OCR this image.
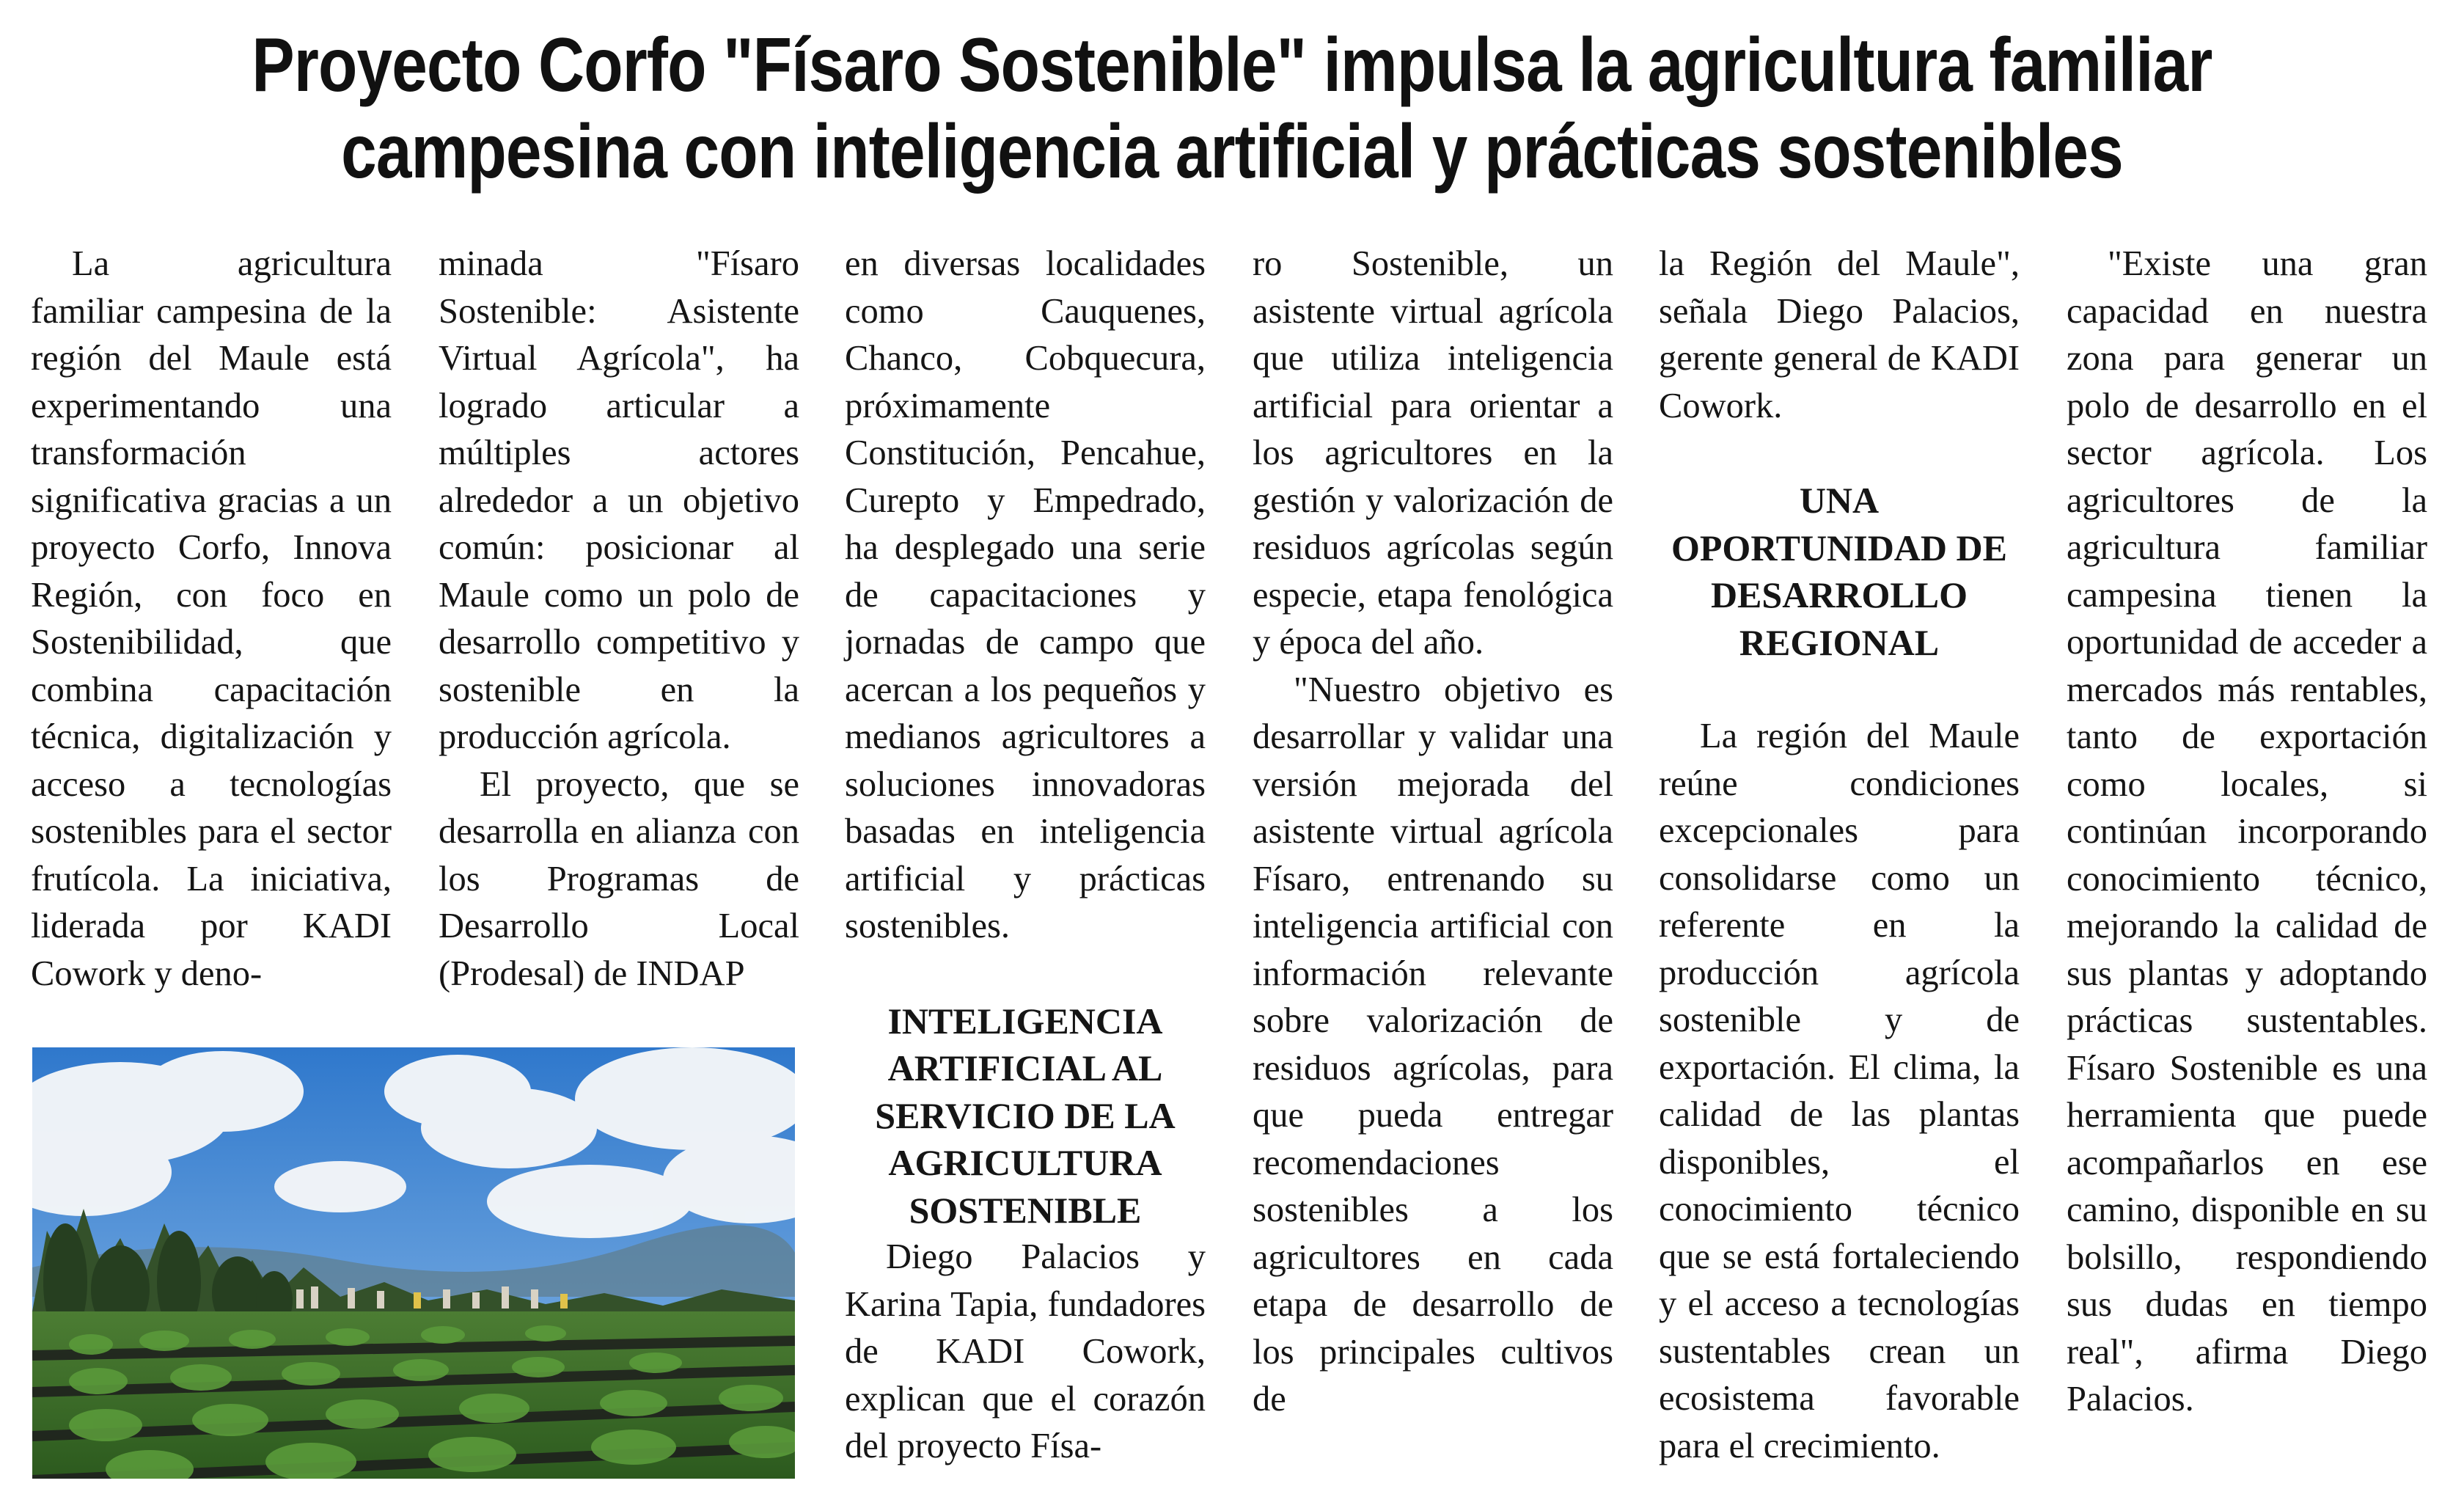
Proyecto Corfo "Físaro Sostenible" impulsa la agricultura familiar
campesina con inteligencia artificial y prácticas sostenibles

La agricultura familiar campesina de la región del Maule está experimentando una transformación significativa gracias a un proyecto Corfo, Innova Región, con foco en Sostenibilidad, que combina capacitación técnica, digitalización y acceso a tecnologías sostenibles para el sector frutícola. La iniciativa, liderada por KADI Cowork y deno-

minada "Físaro Sostenible: Asistente Virtual Agrícola", ha logrado articular a múltiples actores alrededor a un objetivo común: posicionar al Maule como un polo de desarrollo competitivo y sostenible en la producción agrícola.

El proyecto, que se desarrolla en alianza con los Programas de Desarrollo Local (Prodesal) de INDAP

en diversas localidades como Cauquenes, Chanco, Cobquecura, próximamente Constitución, Pencahue, Curepto y Empedrado, ha desplegado una serie de capacitaciones y jornadas de campo que acercan a los pequeños y medianos agricultores a soluciones innovadoras basadas en inteligencia artificial y prácticas sostenibles.

INTELIGENCIA ARTIFICIAL AL SERVICIO DE LA AGRICULTURA SOSTENIBLE

Diego Palacios y Karina Tapia, fundadores de KADI Cowork, explican que el corazón del proyecto Físa-

ro Sostenible, un asistente virtual agrícola que utiliza inteligencia artificial para orientar a los agricultores en la gestión y valorización de residuos agrícolas según especie, etapa fenológica y época del año.

"Nuestro objetivo es desarrollar y validar una versión mejorada del asistente virtual agrícola Físaro, entrenando su inteligencia artificial con información relevante sobre valorización de residuos agrícolas, para que pueda entregar recomendaciones sostenibles a los agricultores en cada etapa de desarrollo de los principales cultivos de

la Región del Maule", señala Diego Palacios, gerente general de KADI Cowork.

UNA OPORTUNIDAD DE DESARROLLO REGIONAL

La región del Maule reúne condiciones excepcionales para consolidarse como un referente en la producción agrícola sostenible y de exportación. El clima, la calidad de las plantas disponibles, el conocimiento técnico que se está fortaleciendo y el acceso a tecnologías sustentables crean un ecosistema favorable para el crecimiento.

"Existe una gran capacidad en nuestra zona para generar un polo de desarrollo en el sector agrícola. Los agricultores de la agricultura familiar campesina tienen la oportunidad de acceder a mercados más rentables, tanto de exportación como locales, si continúan incorporando conocimiento técnico, mejorando la calidad de sus plantas y adoptando prácticas sustentables. Físaro Sostenible es una herramienta que puede acompañarlos en ese camino, disponible en su bolsillo, respondiendo sus dudas en tiempo real", afirma Diego Palacios.
